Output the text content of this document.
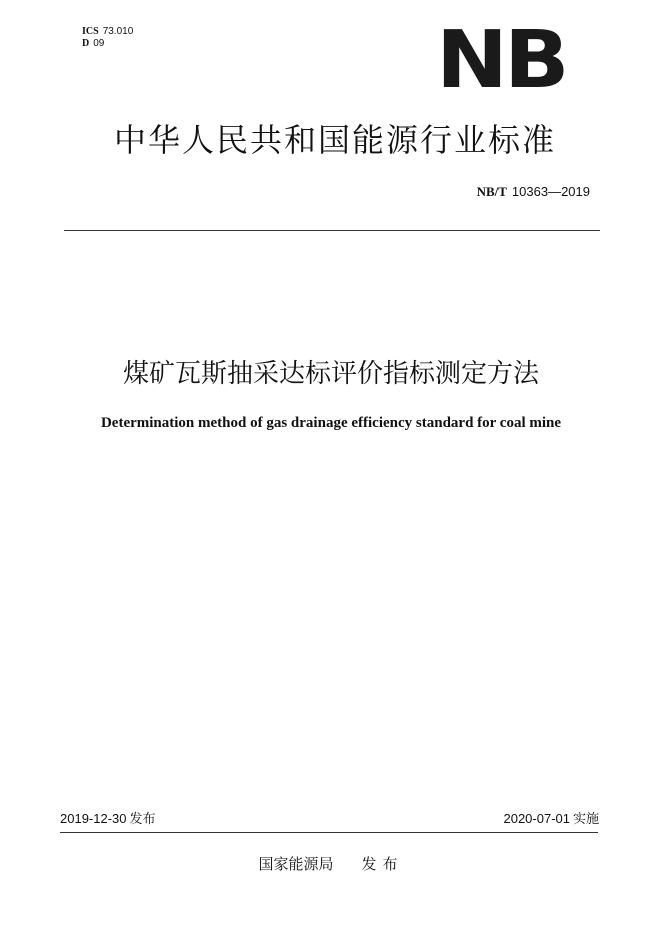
ICS 73.010
D 09	NB
中华人民共和国能源行业标准
NB/T 10363—2019
煤矿瓦斯抽采达标评价指标测定方法
Determination method of gas drainage efficiency standard for coal mine
2019-12-30 发布	2020-07-01 实施
国家能源局 发布
